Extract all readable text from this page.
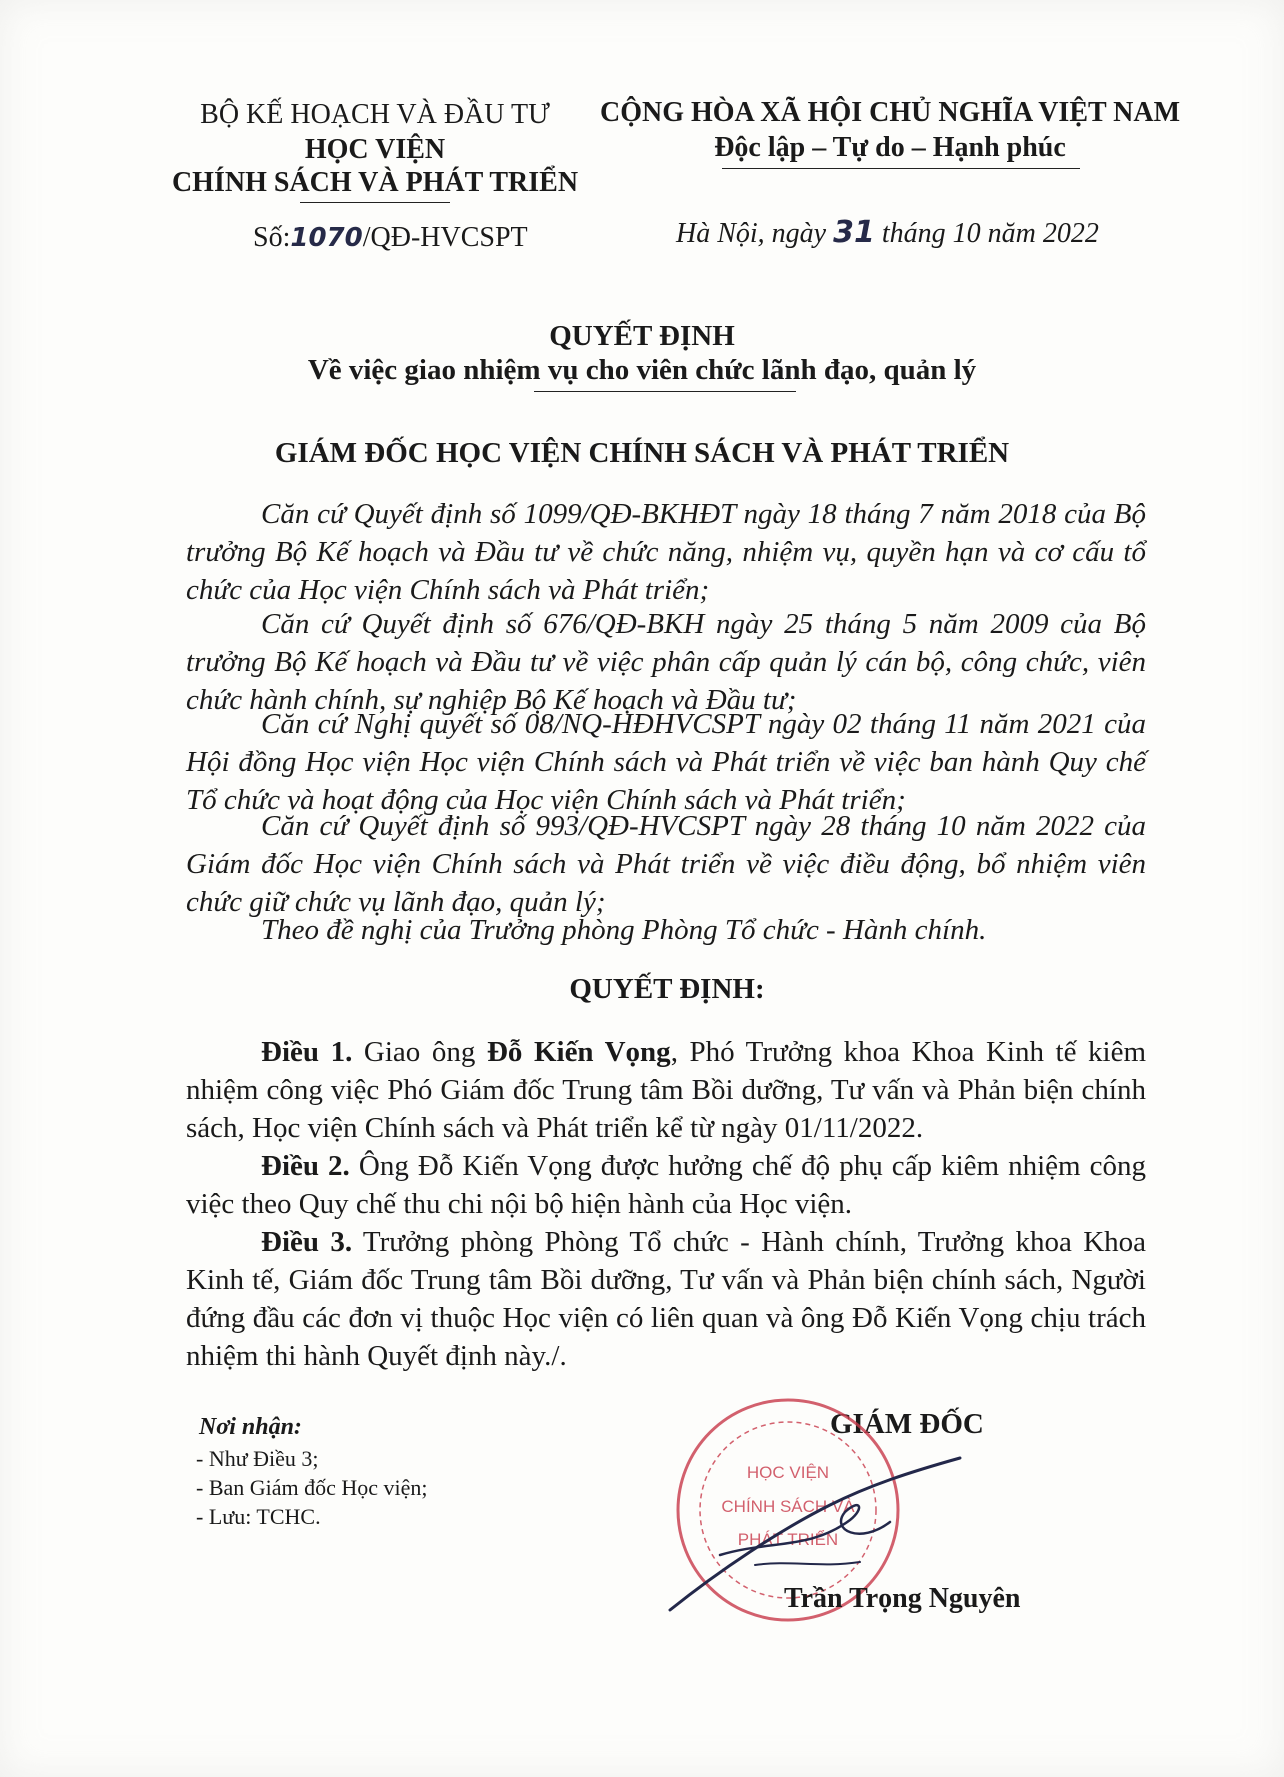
BỘ KẾ HOẠCH VÀ ĐẦU TƯ
HỌC VIỆN
CHÍNH SÁCH VÀ PHÁT TRIỂN
Số:1070/QĐ-HVCSPT
CỘNG HÒA XÃ HỘI CHỦ NGHĨA VIỆT NAM
Độc lập – Tự do – Hạnh phúc
Hà Nội, ngày 31 tháng 10 năm 2022
QUYẾT ĐỊNH
Về việc giao nhiệm vụ cho viên chức lãnh đạo, quản lý
GIÁM ĐỐC HỌC VIỆN CHÍNH SÁCH VÀ PHÁT TRIỂN
Căn cứ Quyết định số 1099/QĐ-BKHĐT ngày 18 tháng 7 năm 2018 của Bộ trưởng Bộ Kế hoạch và Đầu tư về chức năng, nhiệm vụ, quyền hạn và cơ cấu tổ chức của Học viện Chính sách và Phát triển;
Căn cứ Quyết định số 676/QĐ-BKH ngày 25 tháng 5 năm 2009 của Bộ trưởng Bộ Kế hoạch và Đầu tư về việc phân cấp quản lý cán bộ, công chức, viên chức hành chính, sự nghiệp Bộ Kế hoạch và Đầu tư;
Căn cứ Nghị quyết số 08/NQ-HĐHVCSPT ngày 02 tháng 11 năm 2021 của Hội đồng Học viện Học viện Chính sách và Phát triển về việc ban hành Quy chế Tổ chức và hoạt động của Học viện Chính sách và Phát triển;
Căn cứ Quyết định số 993/QĐ-HVCSPT ngày 28 tháng 10 năm 2022 của Giám đốc Học viện Chính sách và Phát triển về việc điều động, bổ nhiệm viên chức giữ chức vụ lãnh đạo, quản lý;
Theo đề nghị của Trưởng phòng Phòng Tổ chức - Hành chính.
QUYẾT ĐỊNH:
Điều 1. Giao ông Đỗ Kiến Vọng, Phó Trưởng khoa Khoa Kinh tế kiêm nhiệm công việc Phó Giám đốc Trung tâm Bồi dưỡng, Tư vấn và Phản biện chính sách, Học viện Chính sách và Phát triển kể từ ngày 01/11/2022.
Điều 2. Ông Đỗ Kiến Vọng được hưởng chế độ phụ cấp kiêm nhiệm công việc theo Quy chế thu chi nội bộ hiện hành của Học viện.
Điều 3. Trưởng phòng Phòng Tổ chức - Hành chính, Trưởng khoa Khoa Kinh tế, Giám đốc Trung tâm Bồi dưỡng, Tư vấn và Phản biện chính sách, Người đứng đầu các đơn vị thuộc Học viện có liên quan và ông Đỗ Kiến Vọng chịu trách nhiệm thi hành Quyết định này./.
Nơi nhận:
- Như Điều 3;
- Ban Giám đốc Học viện;
- Lưu: TCHC.
GIÁM ĐỐC
HỌC VIỆN
CHÍNH SÁCH VÀ
PHÁT TRIỂN
Trần Trọng Nguyên
